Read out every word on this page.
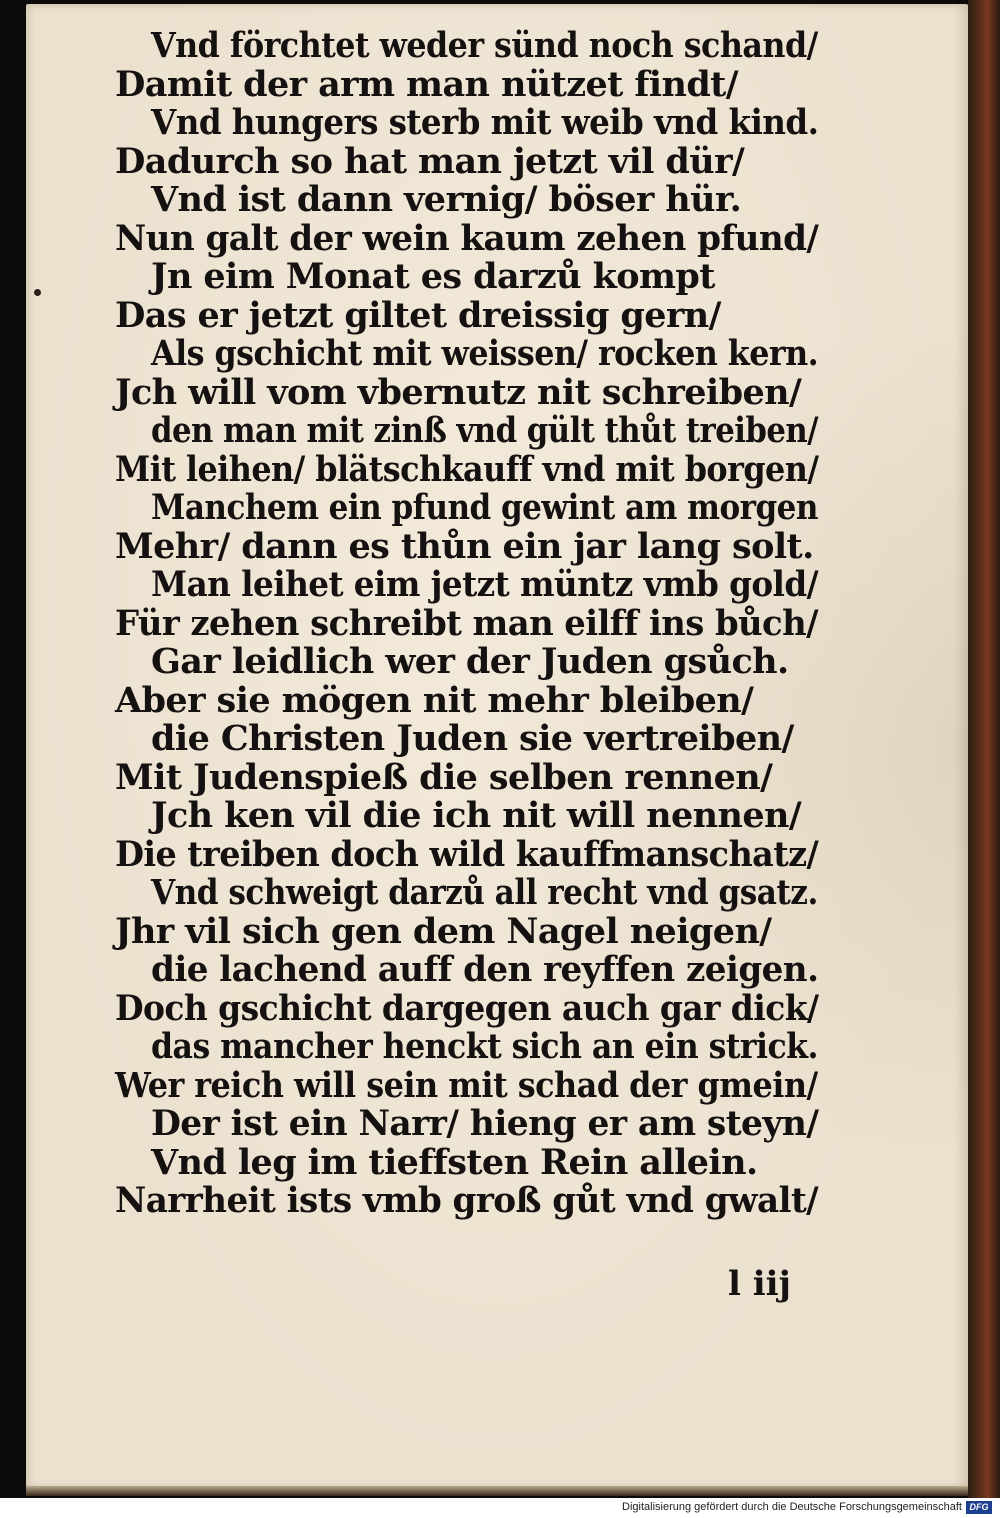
Vnd förchtet weder sünd noch schand/
Damit der arm man nützet findt/
Vnd hungers sterb mit weib vnd kind.
Dadurch so hat man jetzt vil dür/
Vnd ist dann vernig/ böser hür.
Nun galt der wein kaum zehen pfund/
Jn eim Monat es darzů kompt
Das er jetzt giltet dreissig gern/
Als gschicht mit weissen/ rocken kern.
Jch will vom vbernutz nit schreiben/
den man mit zinß vnd gült thůt treiben/
Mit leihen/ blätschkauff vnd mit borgen/
Manchem ein pfund gewint am morgen
Mehr/ dann es thůn ein jar lang solt.
Man leihet eim jetzt müntz vmb gold/
Für zehen schreibt man eilff ins bůch/
Gar leidlich wer der Juden gsůch.
Aber sie mögen nit mehr bleiben/
die Christen Juden sie vertreiben/
Mit Judenspieß die selben rennen/
Jch ken vil die ich nit will nennen/
Die treiben doch wild kauffmanschatz/
Vnd schweigt darzů all recht vnd gsatz.
Jhr vil sich gen dem Nagel neigen/
die lachend auff den reyffen zeigen.
Doch gschicht dargegen auch gar dick/
das mancher henckt sich an ein strick.
Wer reich will sein mit schad der gmein/
Der ist ein Narr/ hieng er am steyn/
Vnd leg im tieffsten Rein allein.
Narrheit ists vmb groß gůt vnd gwalt/
l iij
Digitalisierung gefördert durch die Deutsche Forschungsgemeinschaft DFG
